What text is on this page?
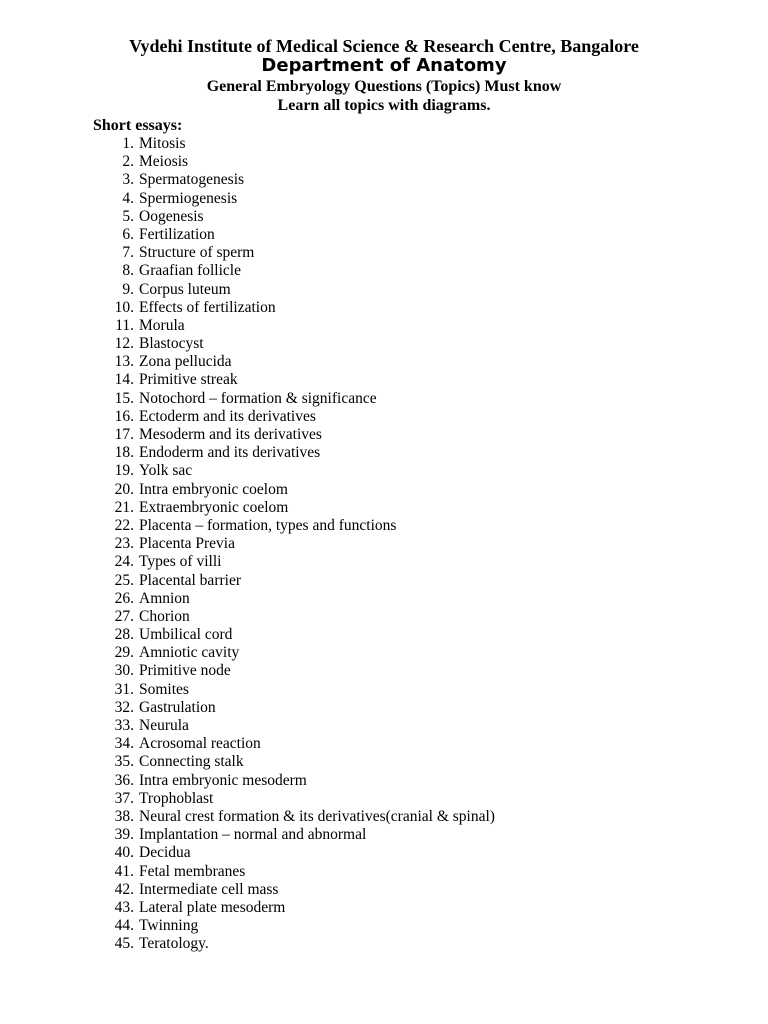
Vydehi Institute of Medical Science & Research Centre, Bangalore
Department of Anatomy
General Embryology Questions (Topics) Must know
Learn all topics with diagrams.
Short essays:
1. Mitosis
2. Meiosis
3. Spermatogenesis
4. Spermiogenesis
5. Oogenesis
6. Fertilization
7. Structure of sperm
8. Graafian follicle
9. Corpus luteum
10. Effects of fertilization
11. Morula
12. Blastocyst
13. Zona pellucida
14. Primitive streak
15. Notochord – formation & significance
16. Ectoderm and its derivatives
17. Mesoderm and its derivatives
18. Endoderm and its derivatives
19. Yolk sac
20. Intra embryonic coelom
21. Extraembryonic coelom
22. Placenta – formation, types and functions
23. Placenta Previa
24. Types of villi
25. Placental barrier
26. Amnion
27. Chorion
28. Umbilical cord
29. Amniotic cavity
30. Primitive node
31. Somites
32. Gastrulation
33. Neurula
34. Acrosomal reaction
35. Connecting stalk
36. Intra embryonic mesoderm
37. Trophoblast
38. Neural crest formation & its derivatives(cranial & spinal)
39. Implantation – normal and abnormal
40. Decidua
41. Fetal membranes
42. Intermediate cell mass
43. Lateral plate mesoderm
44. Twinning
45. Teratology.
